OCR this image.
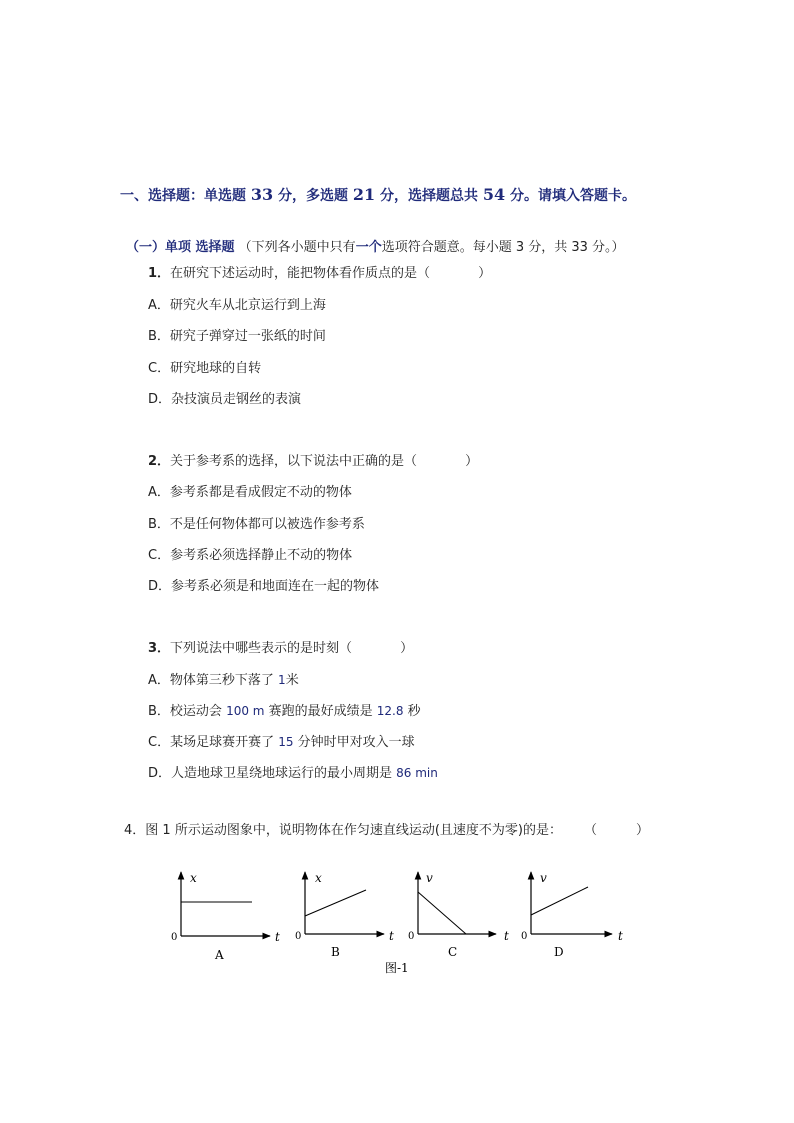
一、选择题：单选题 33 分，多选题 21 分，选择题总共 54 分。请填入答题卡。
（一）单项 选择题 （下列各小题中只有一个选项符合题意。每小题 3 分，共 33 分。）
1．在研究下述运动时，能把物体看作质点的是（	）
A．研究火车从北京运行到上海
B．研究子弹穿过一张纸的时间
C．研究地球的自转
D．杂技演员走钢丝的表演
2．关于参考系的选择，以下说法中正确的是（	）
A．参考系都是看成假定不动的物体
B．不是任何物体都可以被选作参考系
C．参考系必须选择静止不动的物体
D．参考系必须是和地面连在一起的物体
3．下列说法中哪些表示的是时刻（	）
A．物体第三秒下落了 1米
B．校运动会 100 m 赛跑的最好成绩是 12.8 秒
C．某场足球赛开赛了 15 分钟时甲对攻入一球
D．人造地球卫星绕地球运行的最小周期是 86 min
4．图 1 所示运动图象中，说明物体在作匀速直线运动(且速度不为零)的是： （　　　）
x
t
0
A
x
t
0
B
v
t
0
C
v
t
0
D
图-1
